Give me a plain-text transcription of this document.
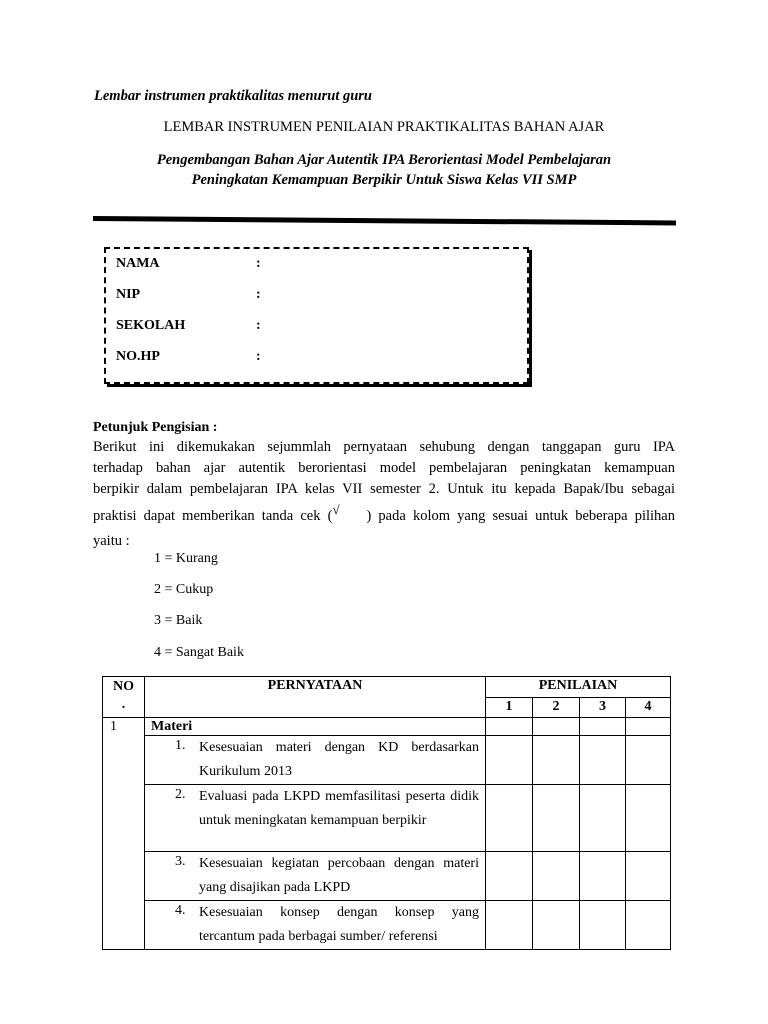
Lembar instrumen praktikalitas menurut guru
LEMBAR INSTRUMEN PENILAIAN PRAKTIKALITAS BAHAN AJAR
Pengembangan Bahan Ajar Autentik IPA Berorientasi Model Pembelajaran
Peningkatan Kemampuan Berpikir Untuk Siswa Kelas VII SMP
NAMA	:
NIP	:
SEKOLAH	:
NO.HP	:
Petunjuk Pengisian :
Berikut ini dikemukakan sejummlah pernyataan sehubung dengan tanggapan guru IPA
terhadap bahan ajar autentik berorientasi model pembelajaran peningkatan kemampuan
berpikir dalam pembelajaran IPA kelas VII semester 2. Untuk itu kepada Bapak/Ibu sebagai
praktisi dapat memberikan tanda cek (√ ) pada kolom yang sesuai untuk beberapa pilihan
yaitu :
1 = Kurang
2 = Cukup
3 = Baik
4 = Sangat Baik
NO
.	PERNYATAAN	PENILAIAN			
		1	2	3	4
1	Materi				

	1. Kesesuaian materi dengan KD berdasarkan Kurikulum 2013				

	2. Evaluasi pada LKPD memfasilitasi peserta didik untuk meningkatan kemampuan berpikir				

	3. Kesesuaian kegiatan percobaan dengan materi yang disajikan pada LKPD				

	4. Kesesuaian konsep dengan konsep yang tercantum pada berbagai sumber/ referensi				
